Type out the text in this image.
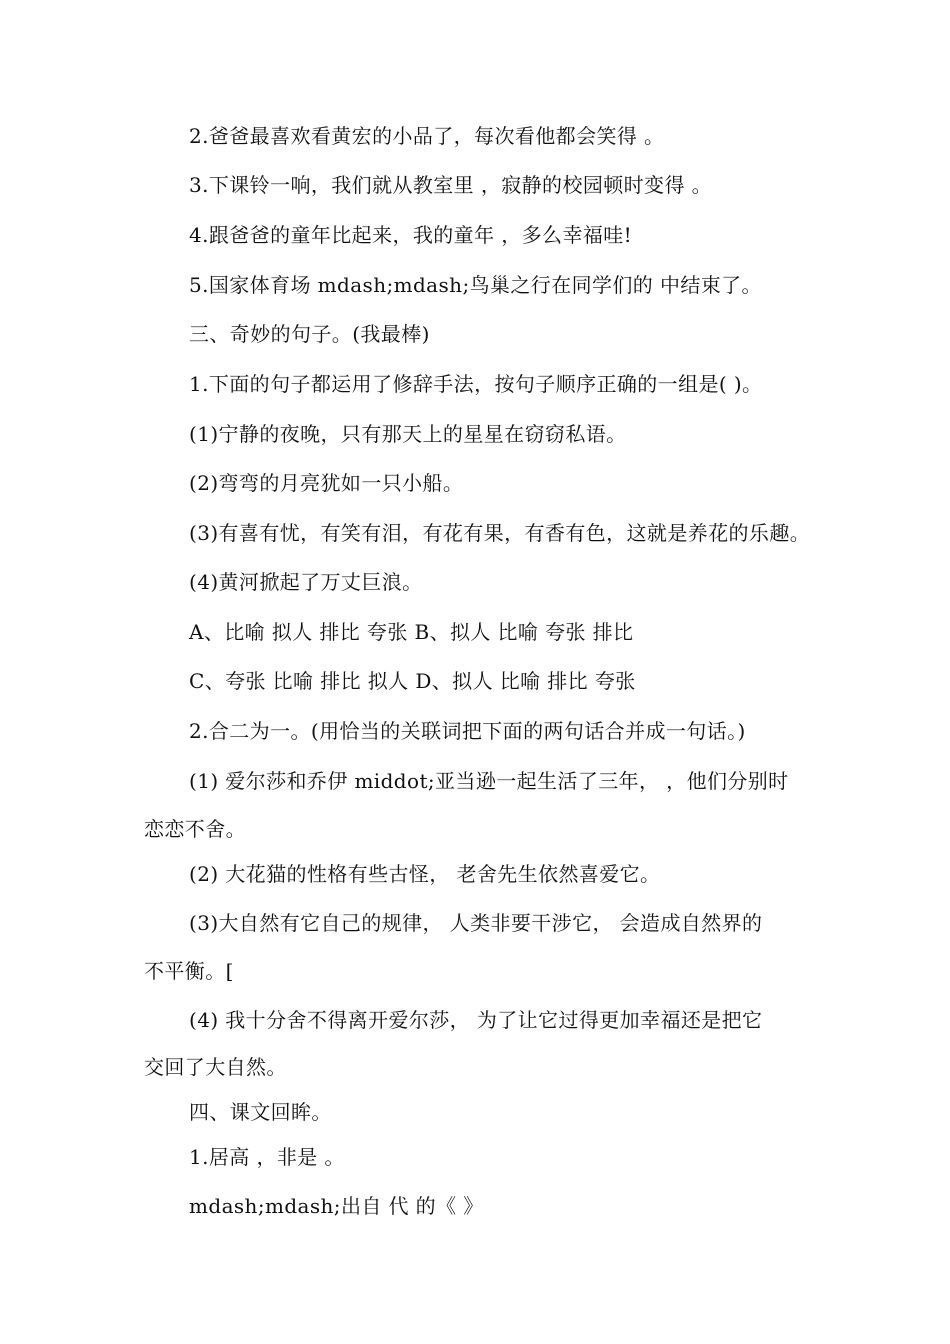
2.爸爸最喜欢看黄宏的小品了，每次看他都会笑得 。
3.下课铃一响，我们就从教室里 ，寂静的校园顿时变得 。
4.跟爸爸的童年比起来，我的童年 ，多么幸福哇!
5.国家体育场 mdash;mdash;鸟巢之行在同学们的 中结束了。
三、奇妙的句子。(我最棒)
1.下面的句子都运用了修辞手法，按句子顺序正确的一组是( )。
(1)宁静的夜晚，只有那天上的星星在窃窃私语。
(2)弯弯的月亮犹如一只小船。
(3)有喜有忧，有笑有泪，有花有果，有香有色，这就是养花的乐趣。
(4)黄河掀起了万丈巨浪。
A、比喻 拟人 排比 夸张 B、拟人 比喻 夸张 排比
C、夸张 比喻 排比 拟人 D、拟人 比喻 排比 夸张
2.合二为一。(用恰当的关联词把下面的两句话合并成一句话。)
(1) 爱尔莎和乔伊 middot;亚当逊一起生活了三年， ，他们分别时
恋恋不舍。
(2) 大花猫的性格有些古怪， 老舍先生依然喜爱它。
(3)大自然有它自己的规律， 人类非要干涉它， 会造成自然界的
不平衡。[
(4) 我十分舍不得离开爱尔莎， 为了让它过得更加幸福还是把它
交回了大自然。
四、课文回眸。
1.居高 ，非是 。
mdash;mdash;出自 代 的《 》
